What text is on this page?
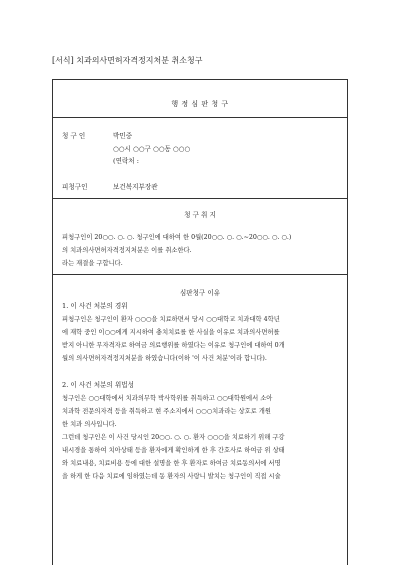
[서식] 치과의사면허자격정지처분 취소청구
행 정 심 판 청 구
청 구 인	박민중
○○시 ○○구 ○○동 ○○○
(연락처 :
피청구인	보건복지부장관
청 구 취 지
피청구인이 20○○. ○. ○. 청구인에 대하여 한 0월(20○○. ○. ○.~20○○. ○. ○.)
의 치과의사면허자격정지처분은 이를 취소한다.
라는 재결을 구합니다.
심판청구 이유
1. 이 사건 처분의 경위
피청구인은 청구인이 환자 ○○○을 치료하면서 당시 ○○대학교 치과대학 4학년
에 재학 중인 이○○에게 지시하여 충치치료를 한 사실을 이유로 치과의사면허를
받지 아니한 무자격자로 하여금 의료행위를 하였다는 이유로 청구인에 대하여 0개
월의 의사면허자격정지처분을 하였습니다(이하 '이 사건 처분'이라 합니다).
2. 이 사건 처분의 위법성
청구인은 ○○대학에서 치과의무학 박사학위를 취득하고 ○○대학원에서 소아
치과학 전문의자격 등을 취득하고 현 주소지에서 ○○○치과라는 상호로 개원
한 치과 의사입니다.
그런데 청구인은 이 사건 당시인 20○○. ○. ○. 환자 ○○○을 치료하기 위해 구강
내시경을 통하여 치아상태 등을 환자에게 확인하게 한 후 간호사로 하여금 위 상태
와 치료내용, 치료비용 등에 대한 설명을 한 후 환자로 하여금 치료동의서에 서명
을 하게 한 다음 치료에 임하였는데 동 환자의 사랑니 발치는 청구인이 직접 시술
